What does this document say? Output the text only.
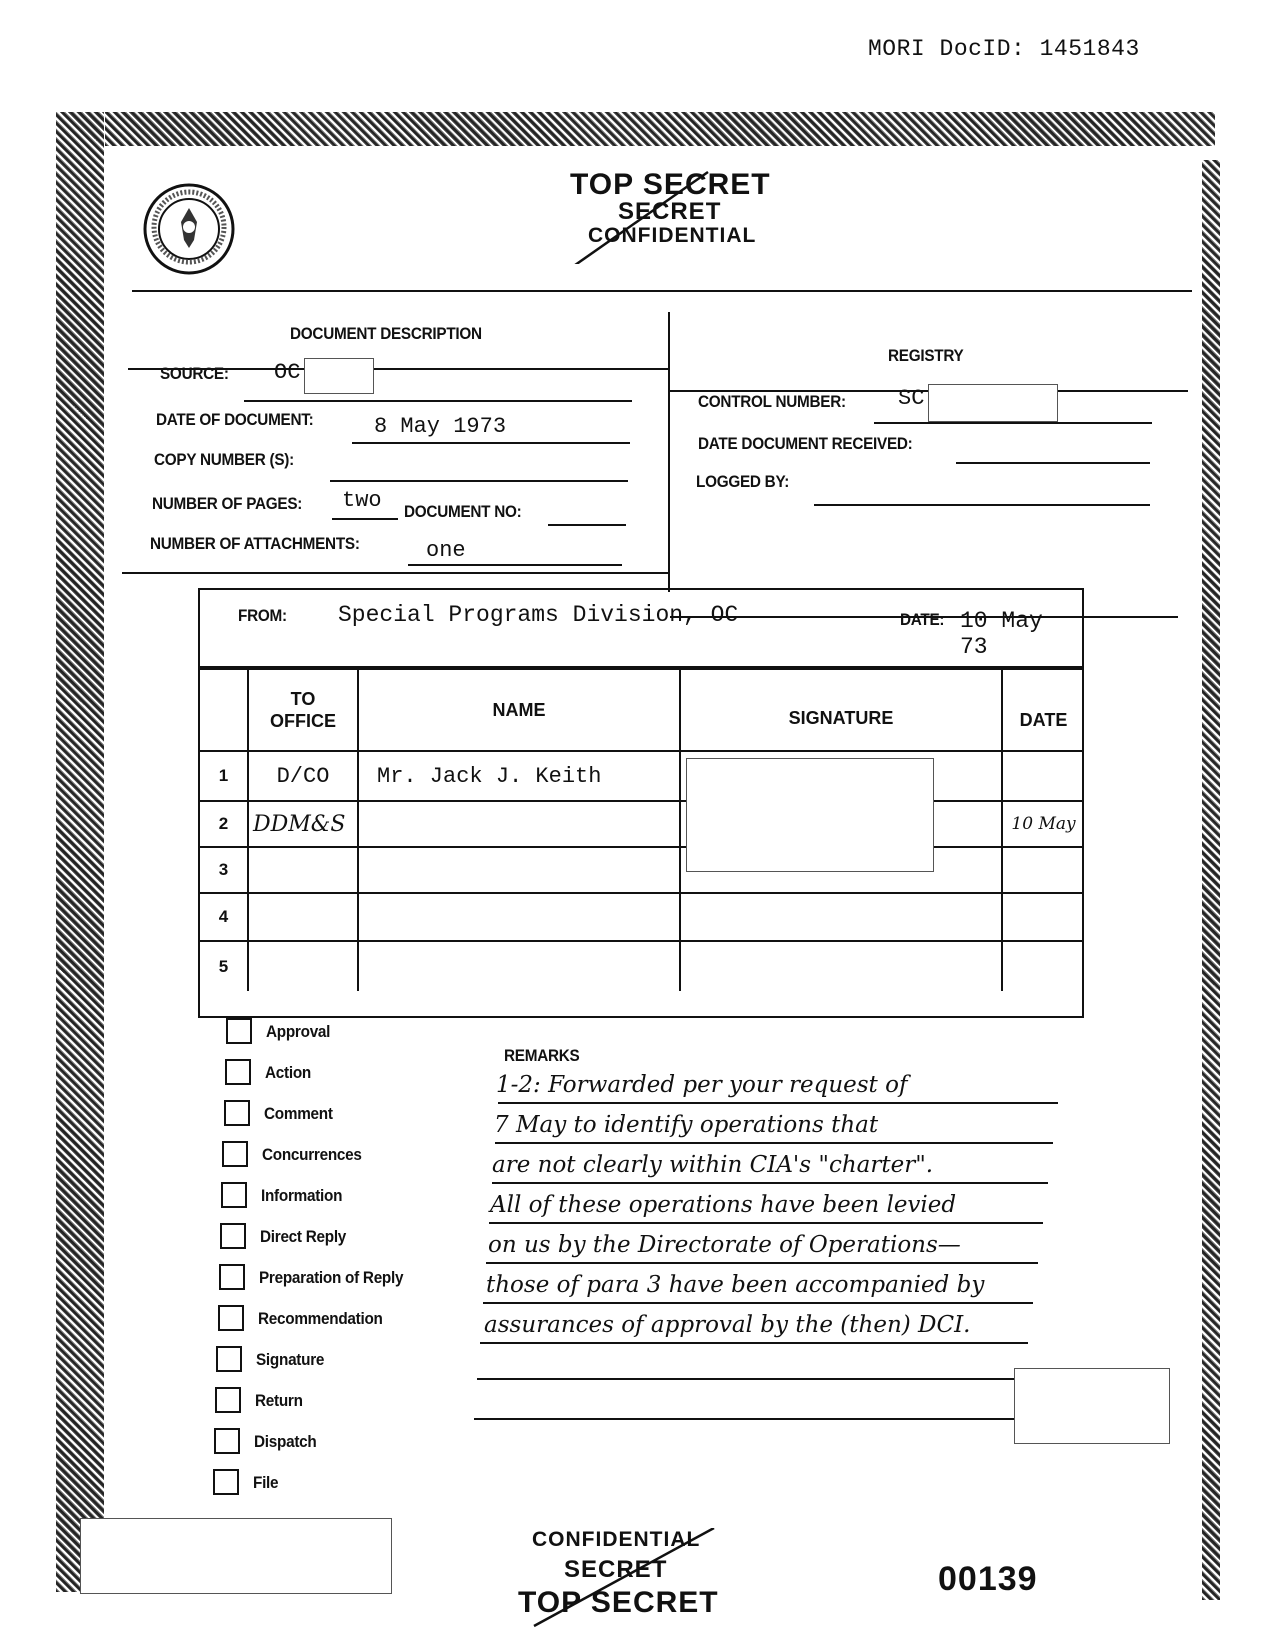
MORI DocID: 1451843
TOP SECRET
SECRET
CONFIDENTIAL
DOCUMENT DESCRIPTION
SOURCE: OC
DATE OF DOCUMENT:	8 May 1973
COPY NUMBER (S):
NUMBER OF PAGES: two DOCUMENT NO:
NUMBER OF ATTACHMENTS:	one
REGISTRY
CONTROL NUMBER: SC
DATE DOCUMENT RECEIVED:
LOGGED BY:
FROM: Special Programs Division, OC	DATE: 10 May 73

	TO
OFFICE	NAME	SIGNATURE	DATE
1	D/CO	Mr. Jack J. Keith		
2	DDM&S			10 May
3				
4				
5				
Approval
Action
Comment
Concurrences
Information
Direct Reply
Preparation of Reply
Recommendation
Signature
Return
Dispatch
File
REMARKS
1-2: Forwarded per your request of
7 May to identify operations that
are not clearly within CIA's "charter".
All of these operations have been levied
on us by the Directorate of Operations—
those of para 3 have been accompanied by
assurances of approval by the (then) DCI.
CONFIDENTIAL
SECRET
TOP SECRET
00139
